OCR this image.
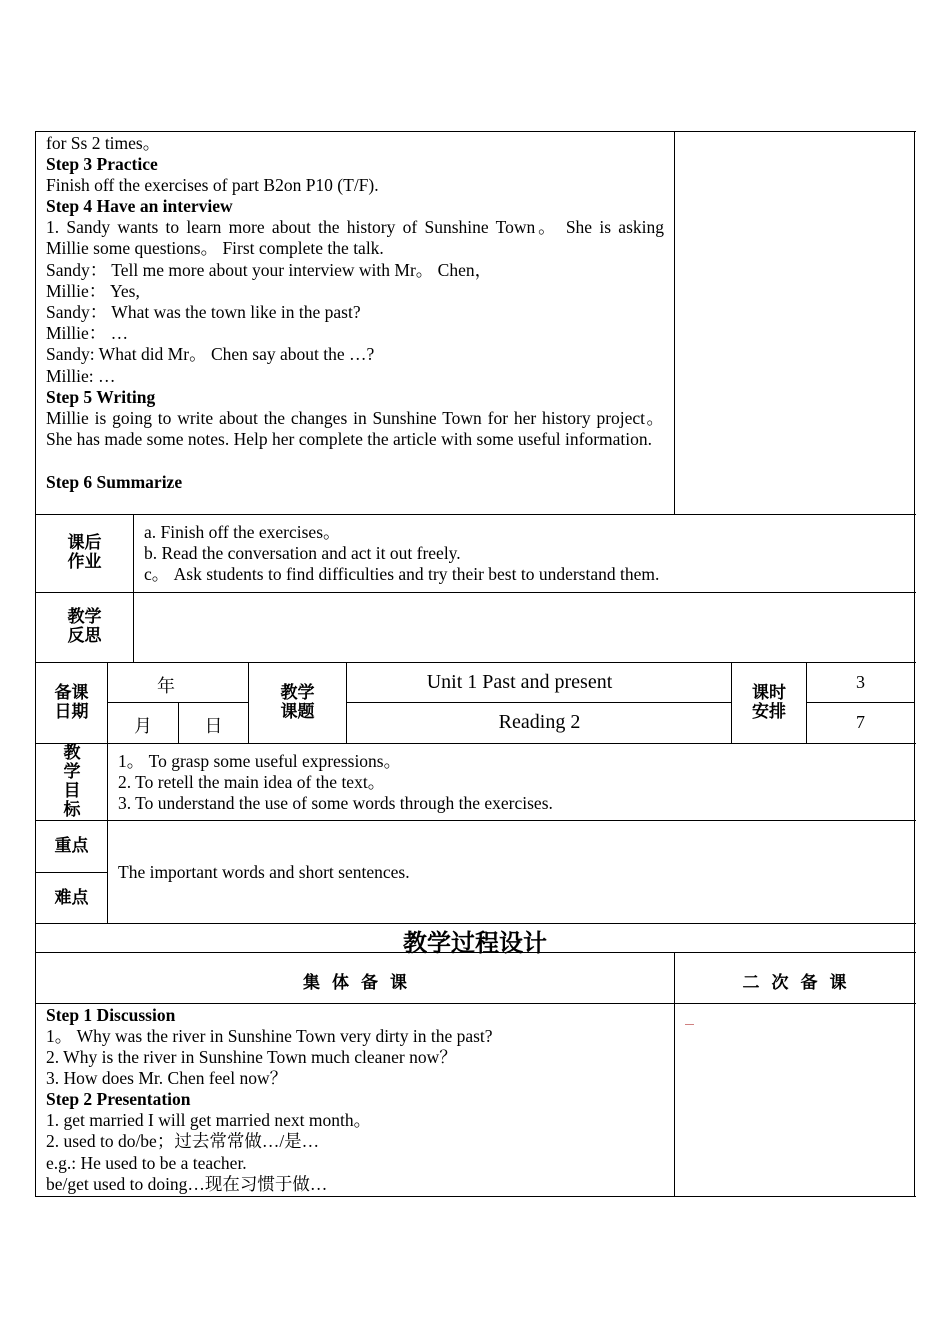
for Ss 2 times。
Step 3 Practice
Finish off the exercises of part B2on P10 (T/F).
Step 4 Have an interview
1. Sandy wants to learn more about the history of Sunshine Town。 She is asking Millie some questions。 First complete the talk.
Sandy： Tell me more about your interview with Mr。 Chen，
Millie： Yes,
Sandy： What was the town like in the past?
Millie： …
Sandy: What did Mr。 Chen say about the …?
Millie: …
Step 5 Writing
Millie is going to write about the changes in Sunshine Town for her history project。 She has made some notes. Help her complete the article with some useful information.
Step 6 Summarize
课后
作业
a. Finish off the exercises。
b. Read the conversation and act it out freely.
c。 Ask students to find difficulties and try their best to understand them.
教学
反思
备课
日期
年
月	日
教学
课题
Unit 1 Past and present
Reading 2
课时
安排
3
7
教
学
目
标
1。 To grasp some useful expressions。
2. To retell the main idea of the text。
3. To understand the use of some words through the exercises.
重点
难点
The important words and short sentences.
教学过程设计
集体备课	二次备课
Step 1 Discussion
1。 Why was the river in Sunshine Town very dirty in the past?
2. Why is the river in Sunshine Town much cleaner now？
3. How does Mr. Chen feel now？
Step 2 Presentation
1. get married I will get married next month。
2. used to do/be；过去常常做…/是…
e.g.: He used to be a teacher.
be/get used to doing…现在习惯于做…
